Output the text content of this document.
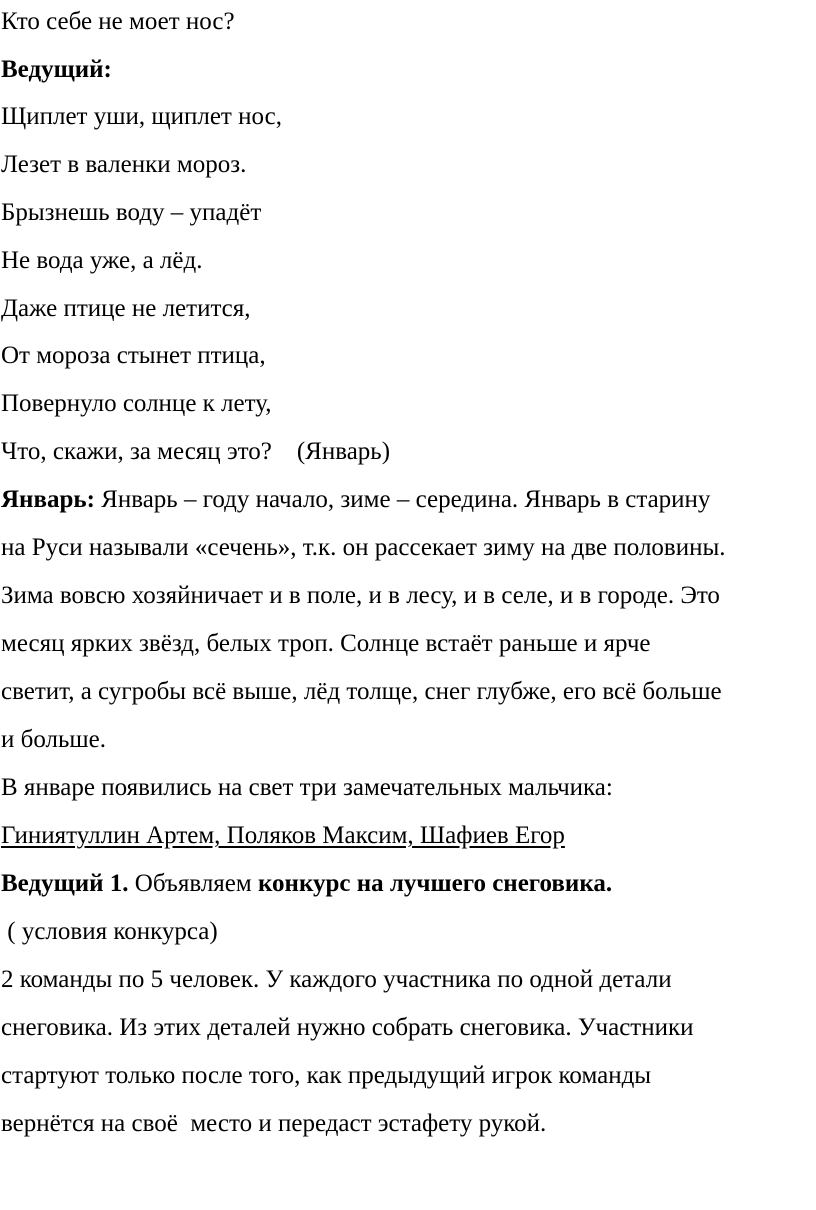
Кто себе не моет нос?
Ведущий:
Щиплет уши, щиплет нос,
Лезет в валенки мороз.
Брызнешь воду – упадёт
Не вода уже, а лёд.
Даже птице не летится,
От мороза стынет птица,
Повернуло солнце к лету,
Что, скажи, за месяц это?    (Январь)
Январь: Январь – году начало, зиме – середина. Январь в старину
на Руси называли «сечень», т.к. он рассекает зиму на две половины.
Зима вовсю хозяйничает и в поле, и в лесу, и в селе, и в городе. Это
месяц ярких звёзд, белых троп. Солнце встаёт раньше и ярче
светит, а сугробы всё выше, лёд толще, снег глубже, его всё больше
и больше.
В январе появились на свет три замечательных мальчика:
Гиниятуллин Артем, Поляков Максим, Шафиев Егор
Ведущий 1. Объявляем конкурс на лучшего снеговика.
( условия конкурса)
2 команды по 5 человек. У каждого участника по одной детали
снеговика. Из этих деталей нужно собрать снеговика. Участники
стартуют только после того, как предыдущий игрок команды
вернётся на своё  место и передаст эстафету рукой.
